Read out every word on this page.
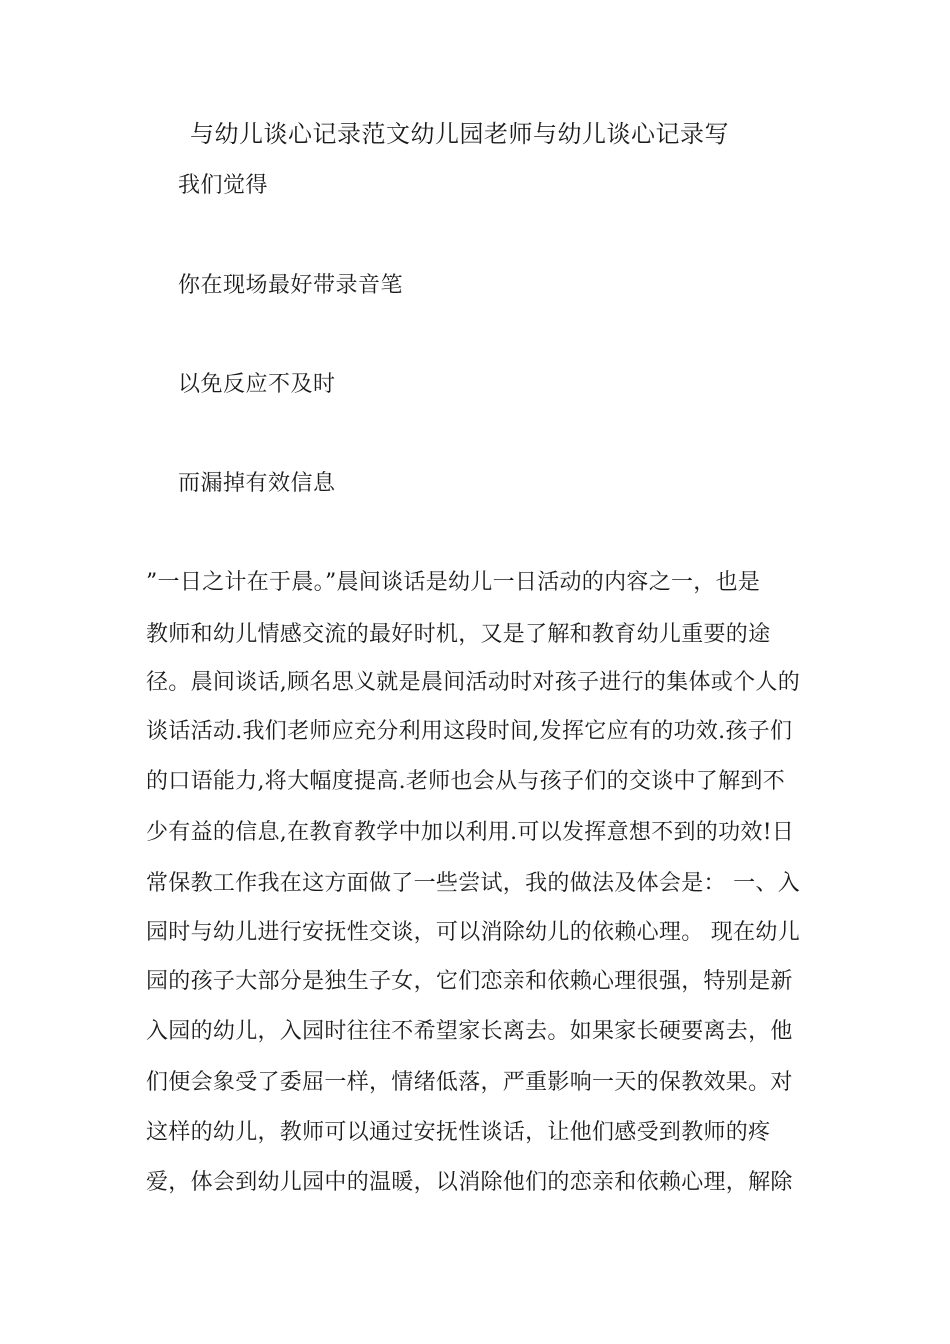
与幼儿谈心记录范文幼儿园老师与幼儿谈心记录写
我们觉得
你在现场最好带录音笔
以免反应不及时
而漏掉有效信息
”一日之计在于晨。”晨间谈话是幼儿一日活动的内容之一，也是
教师和幼儿情感交流的最好时机，又是了解和教育幼儿重要的途
径。晨间谈话,顾名思义就是晨间活动时对孩子进行的集体或个人的
谈话活动.我们老师应充分利用这段时间,发挥它应有的功效.孩子们
的口语能力,将大幅度提高.老师也会从与孩子们的交谈中了解到不
少有益的信息,在教育教学中加以利用.可以发挥意想不到的功效!日
常保教工作我在这方面做了一些尝试，我的做法及体会是： 一、入
园时与幼儿进行安抚性交谈，可以消除幼儿的依赖心理。 现在幼儿
园的孩子大部分是独生子女，它们恋亲和依赖心理很强，特别是新
入园的幼儿，入园时往往不希望家长离去。如果家长硬要离去，他
们便会象受了委屈一样，情绪低落，严重影响一天的保教效果。对
这样的幼儿，教师可以通过安抚性谈话，让他们感受到教师的疼
爱，体会到幼儿园中的温暖，以消除他们的恋亲和依赖心理，解除
